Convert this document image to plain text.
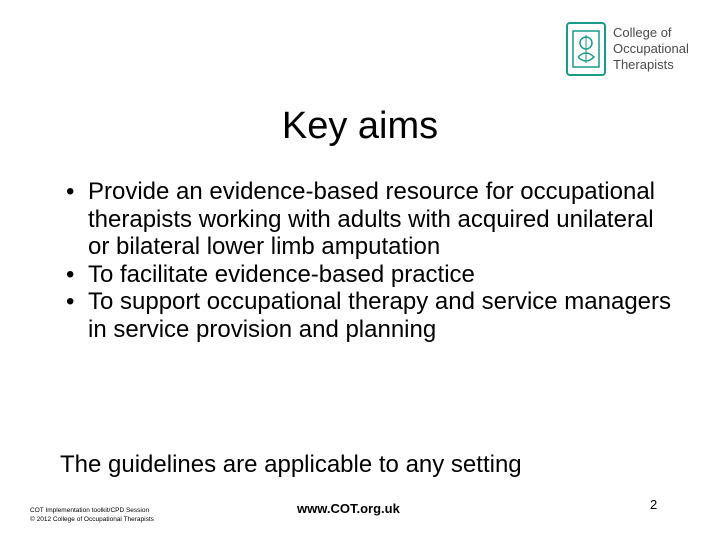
College of
Occupational
Therapists
Key aims
• Provide an evidence-based resource for occupational therapists working with adults with acquired unilateral or bilateral lower limb amputation
• To facilitate evidence-based practice
• To support occupational therapy and service managers in service provision and planning
The guidelines are applicable to any setting
COT Implementation toolkit/CPD Session
© 2012 College of Occupational Therapists
www.COT.org.uk	2
